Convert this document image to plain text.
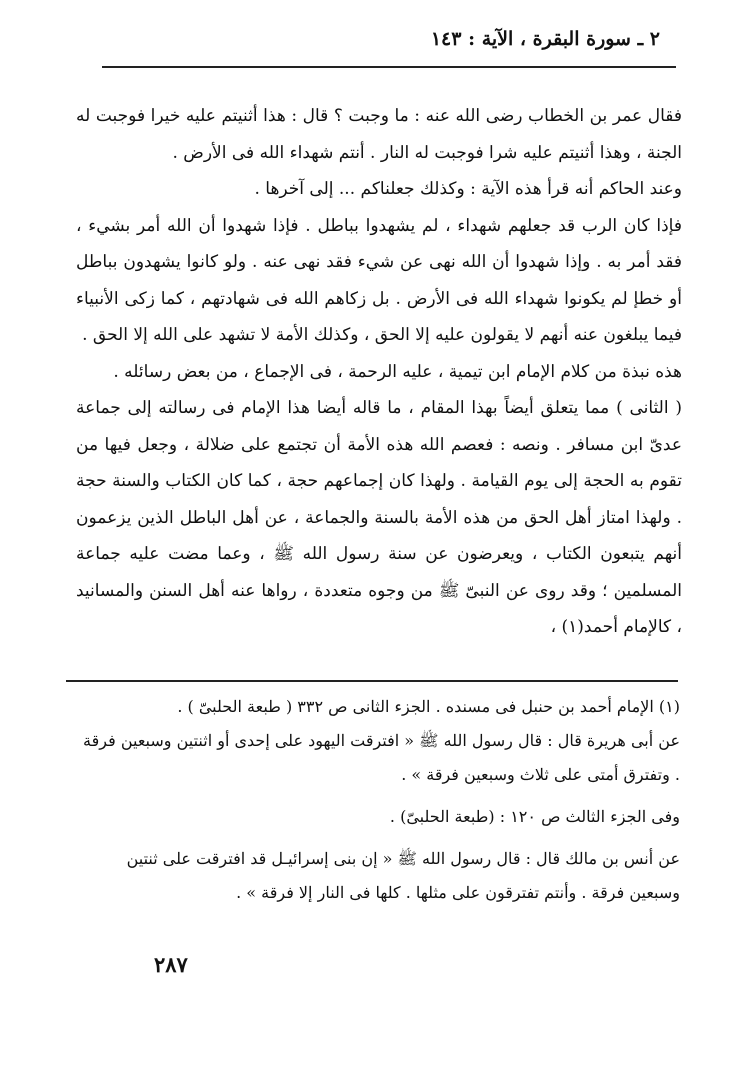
٢ ـ سورة البقرة ، الآية : ١٤٣

فقال عمر بن الخطاب رضى الله عنه : ما وجبت ؟ قال : هذا أثنيتم عليه خيرا فوجبت له الجنة ، وهذا أثنيتم عليه شرا فوجبت له النار . أنتم شهداء الله فى الأرض .

وعند الحاكم أنه قرأ هذه الآية : وكذلك جعلناكم ... إلى آخرها .

فإذا كان الرب قد جعلهم شهداء ، لم يشهدوا بباطل . فإذا شهدوا أن الله أمر بشيء ، فقد أمر به . وإذا شهدوا أن الله نهى عن شيء فقد نهى عنه . ولو كانوا يشهدون بباطل أو خطإ لم يكونوا شهداء الله فى الأرض . بل زكاهم الله فى شهادتهم ، كما زكى الأنبياء فيما يبلغون عنه أنهم لا يقولون عليه إلا الحق ، وكذلك الأمة لا تشهد على الله إلا الحق .

هذه نبذة من كلام الإمام ابن تيمية ، عليه الرحمة ، فى الإجماع ، من بعض رسائله .

( الثانى ) مما يتعلق أيضاً بهذا المقام ، ما قاله أيضا هذا الإمام فى رسالته إلى جماعة عدىّ ابن مسافر . ونصه : فعصم الله هذه الأمة أن تجتمع على ضلالة ، وجعل فيها من تقوم به الحجة إلى يوم القيامة . ولهذا كان إجماعهم حجة ، كما كان الكتاب والسنة حجة . ولهذا امتاز أهل الحق من هذه الأمة بالسنة والجماعة ، عن أهل الباطل الذين يزعمون أنهم يتبعون الكتاب ، ويعرضون عن سنة رسول الله ﷺ ، وعما مضت عليه جماعة المسلمين ؛ وقد روى عن النبىّ ﷺ من وجوه متعددة ، رواها عنه أهل السنن والمسانيد ، كالإمام أحمد(١) ،

(١) الإمام أحمد بن حنبل فى مسنده . الجزء الثانى ص ٣٣٢ ( طبعة الحلبىّ ) .

عن أبى هريرة قال : قال رسول الله ﷺ « افترقت اليهود على إحدى أو اثنتين وسبعين فرقة . وتفترق أمتى على ثلاث وسبعين فرقة » .

وفى الجزء الثالث ص ١٢٠ : (طبعة الحلبىّ) .

عن أنس بن مالك قال : قال رسول الله ﷺ « إن بنى إسرائيـل قد افترقت على ثنتين وسبعين فرقة . وأنتم تفترقون على مثلها . كلها فى النار إلا فرقة » .

٢٨٧
